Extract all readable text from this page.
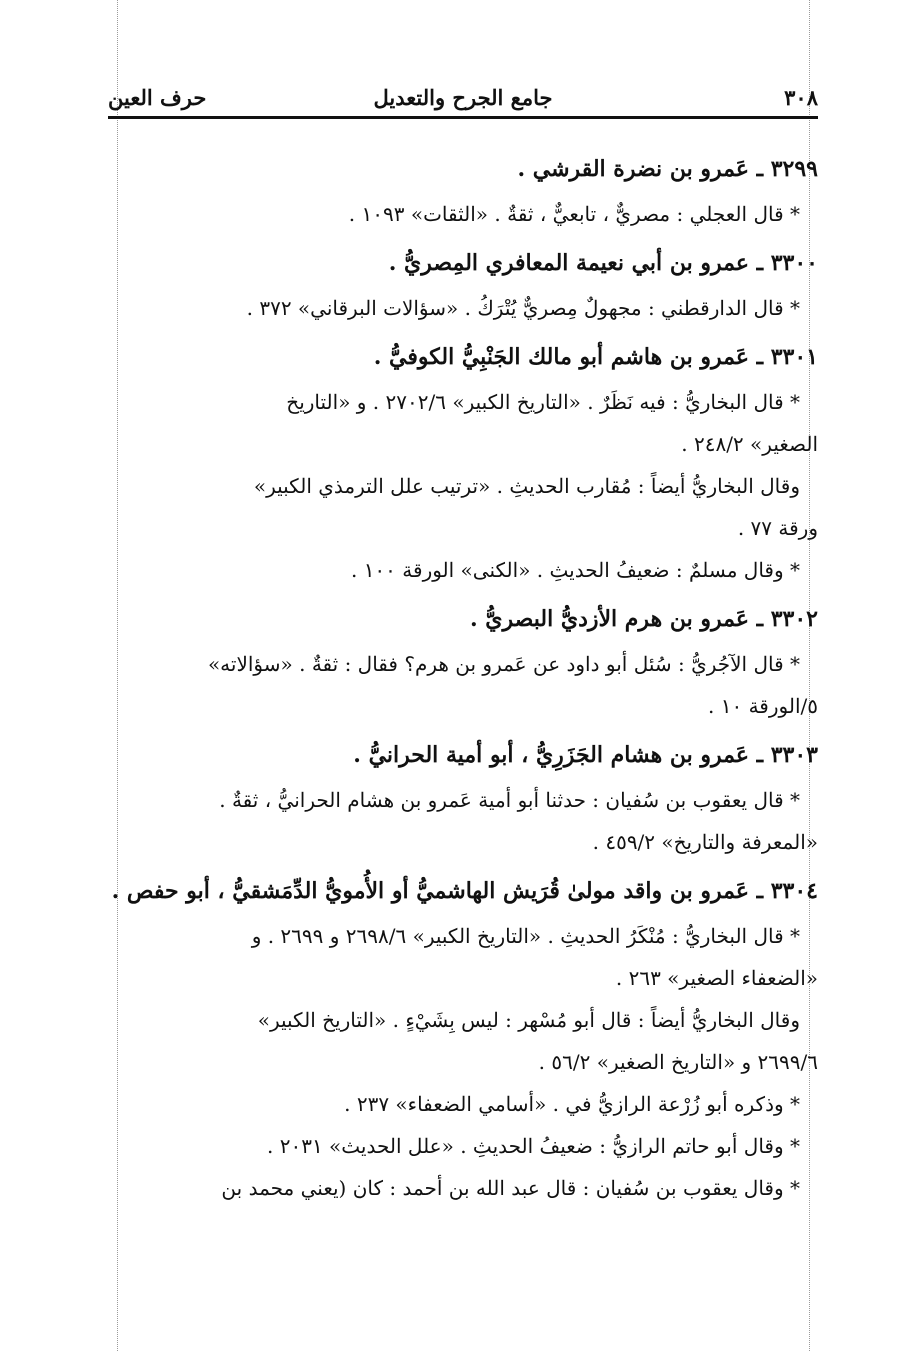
٣٠٨
جامع الجرح والتعديل
حرف العين
٣٢٩٩ ـ عَمرو بن نضرة القرشي .
* قال العجلي : مصريٌّ ، تابعيٌّ ، ثقةٌ . «الثقات» ١٠٩٣ .
٣٣٠٠ ـ عمرو بن أبي نعيمة المعافري المِصريُّ .
* قال الدارقطني : مجهولٌ مِصريٌّ يُتْرَكُ . «سؤالات البرقاني» ٣٧٢ .
٣٣٠١ ـ عَمرو بن هاشم أبو مالك الجَنْبِيُّ الكوفيُّ .
* قال البخاريُّ : فيه نَظَرٌ . «التاريخ الكبير» ٢٧٠٢/٦ . و «التاريخ
الصغير» ٢٤٨/٢ .
وقال البخاريُّ أيضاً : مُقارب الحديثِ . «ترتيب علل الترمذي الكبير»
ورقة ٧٧ .
* وقال مسلمٌ : ضعيفُ الحديثِ . «الكنى» الورقة ١٠٠ .
٣٣٠٢ ـ عَمرو بن هرم الأزديُّ البصريُّ .
* قال الآجُريُّ : سُئل أبو داود عن عَمرو بن هرم؟ فقال : ثقةٌ . «سؤالاته»
٥/الورقة ١٠ .
٣٣٠٣ ـ عَمرو بن هشام الجَزَرِيُّ ، أبو أمية الحرانيُّ .
* قال يعقوب بن سُفيان : حدثنا أبو أمية عَمرو بن هشام الحرانيُّ ، ثقةٌ .
«المعرفة والتاريخ» ٤٥٩/٢ .
٣٣٠٤ ـ عَمرو بن واقد مولىٰ قُرَيش الهاشميُّ أو الأُمويُّ الدِّمَشقيُّ ، أبو حفص .
* قال البخاريُّ : مُنْكَرُ الحديثِ . «التاريخ الكبير» ٢٦٩٨/٦ و ٢٦٩٩ . و
«الضعفاء الصغير» ٢٦٣ .
وقال البخاريُّ أيضاً : قال أبو مُسْهر : ليس بِشَيْءٍ . «التاريخ الكبير»
٢٦٩٩/٦ و «التاريخ الصغير» ٥٦/٢ .
* وذكره أبو زُرْعة الرازيُّ في . «أسامي الضعفاء» ٢٣٧ .
* وقال أبو حاتم الرازيُّ : ضعيفُ الحديثِ . «علل الحديث» ٢٠٣١ .
* وقال يعقوب بن سُفيان : قال عبد الله بن أحمد : كان (يعني محمد بن
